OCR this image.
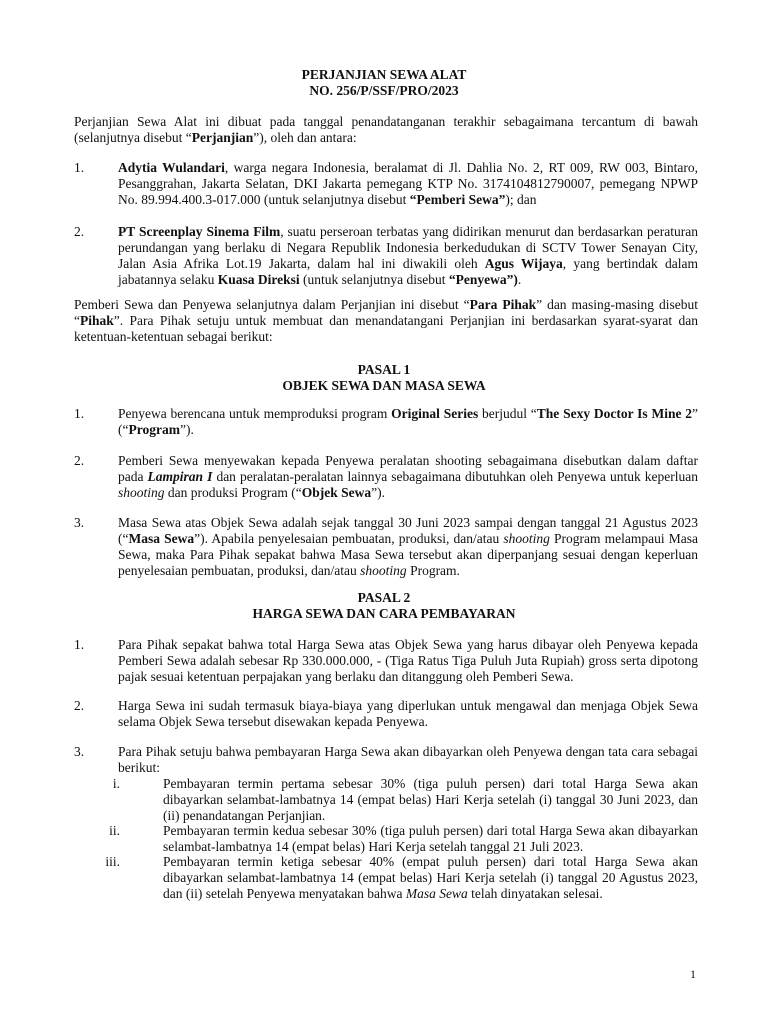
PERJANJIAN SEWA ALAT
NO. 256/P/SSF/PRO/2023
Perjanjian Sewa Alat ini dibuat pada tanggal penandatanganan terakhir sebagaimana tercantum di bawah (selanjutnya disebut “Perjanjian”), oleh dan antara:
1.	Adytia Wulandari, warga negara Indonesia, beralamat di Jl. Dahlia No. 2, RT 009, RW 003, Bintaro, Pesanggrahan, Jakarta Selatan, DKI Jakarta pemegang KTP No. 3174104812790007, pemegang NPWP No. 89.994.400.3-017.000 (untuk selanjutnya disebut “Pemberi Sewa”); dan
2.	PT Screenplay Sinema Film, suatu perseroan terbatas yang didirikan menurut dan berdasarkan peraturan perundangan yang berlaku di Negara Republik Indonesia berkedudukan di SCTV Tower Senayan City, Jalan Asia Afrika Lot.19 Jakarta, dalam hal ini diwakili oleh Agus Wijaya, yang bertindak dalam jabatannya selaku Kuasa Direksi (untuk selanjutnya disebut “Penyewa”).
Pemberi Sewa dan Penyewa selanjutnya dalam Perjanjian ini disebut “Para Pihak” dan masing-masing disebut “Pihak”. Para Pihak setuju untuk membuat dan menandatangani Perjanjian ini berdasarkan syarat-syarat dan ketentuan-ketentuan sebagai berikut:
PASAL 1
OBJEK SEWA DAN MASA SEWA
1.	Penyewa berencana untuk memproduksi program Original Series berjudul “The Sexy Doctor Is Mine 2” (“Program”).
2.	Pemberi Sewa menyewakan kepada Penyewa peralatan shooting sebagaimana disebutkan dalam daftar pada Lampiran I dan peralatan-peralatan lainnya sebagaimana dibutuhkan oleh Penyewa untuk keperluan shooting dan produksi Program (“Objek Sewa”).
3.	Masa Sewa atas Objek Sewa adalah sejak tanggal 30 Juni 2023 sampai dengan tanggal 21 Agustus 2023 (“Masa Sewa”). Apabila penyelesaian pembuatan, produksi, dan/atau shooting Program melampaui Masa Sewa, maka Para Pihak sepakat bahwa Masa Sewa tersebut akan diperpanjang sesuai dengan keperluan penyelesaian pembuatan, produksi, dan/atau shooting Program.
PASAL 2
HARGA SEWA DAN CARA PEMBAYARAN
1.	Para Pihak sepakat bahwa total Harga Sewa atas Objek Sewa yang harus dibayar oleh Penyewa kepada Pemberi Sewa adalah sebesar Rp 330.000.000, - (Tiga Ratus Tiga Puluh Juta Rupiah) gross serta dipotong pajak sesuai ketentuan perpajakan yang berlaku dan ditanggung oleh Pemberi Sewa.
2.	Harga Sewa ini sudah termasuk biaya-biaya yang diperlukan untuk mengawal dan menjaga Objek Sewa selama Objek Sewa tersebut disewakan kepada Penyewa.
3.	Para Pihak setuju bahwa pembayaran Harga Sewa akan dibayarkan oleh Penyewa dengan tata cara sebagai berikut:
i.	Pembayaran termin pertama sebesar 30% (tiga puluh persen) dari total Harga Sewa akan dibayarkan selambat-lambatnya 14 (empat belas) Hari Kerja setelah (i) tanggal 30 Juni 2023, dan (ii) penandatangan Perjanjian.
ii.	Pembayaran termin kedua sebesar 30% (tiga puluh persen) dari total Harga Sewa akan dibayarkan selambat-lambatnya 14 (empat belas) Hari Kerja setelah tanggal 21 Juli 2023.
iii.	Pembayaran termin ketiga sebesar 40% (empat puluh persen) dari total Harga Sewa akan dibayarkan selambat-lambatnya 14 (empat belas) Hari Kerja setelah (i) tanggal 20 Agustus 2023, dan (ii) setelah Penyewa menyatakan bahwa Masa Sewa telah dinyatakan selesai.
1
